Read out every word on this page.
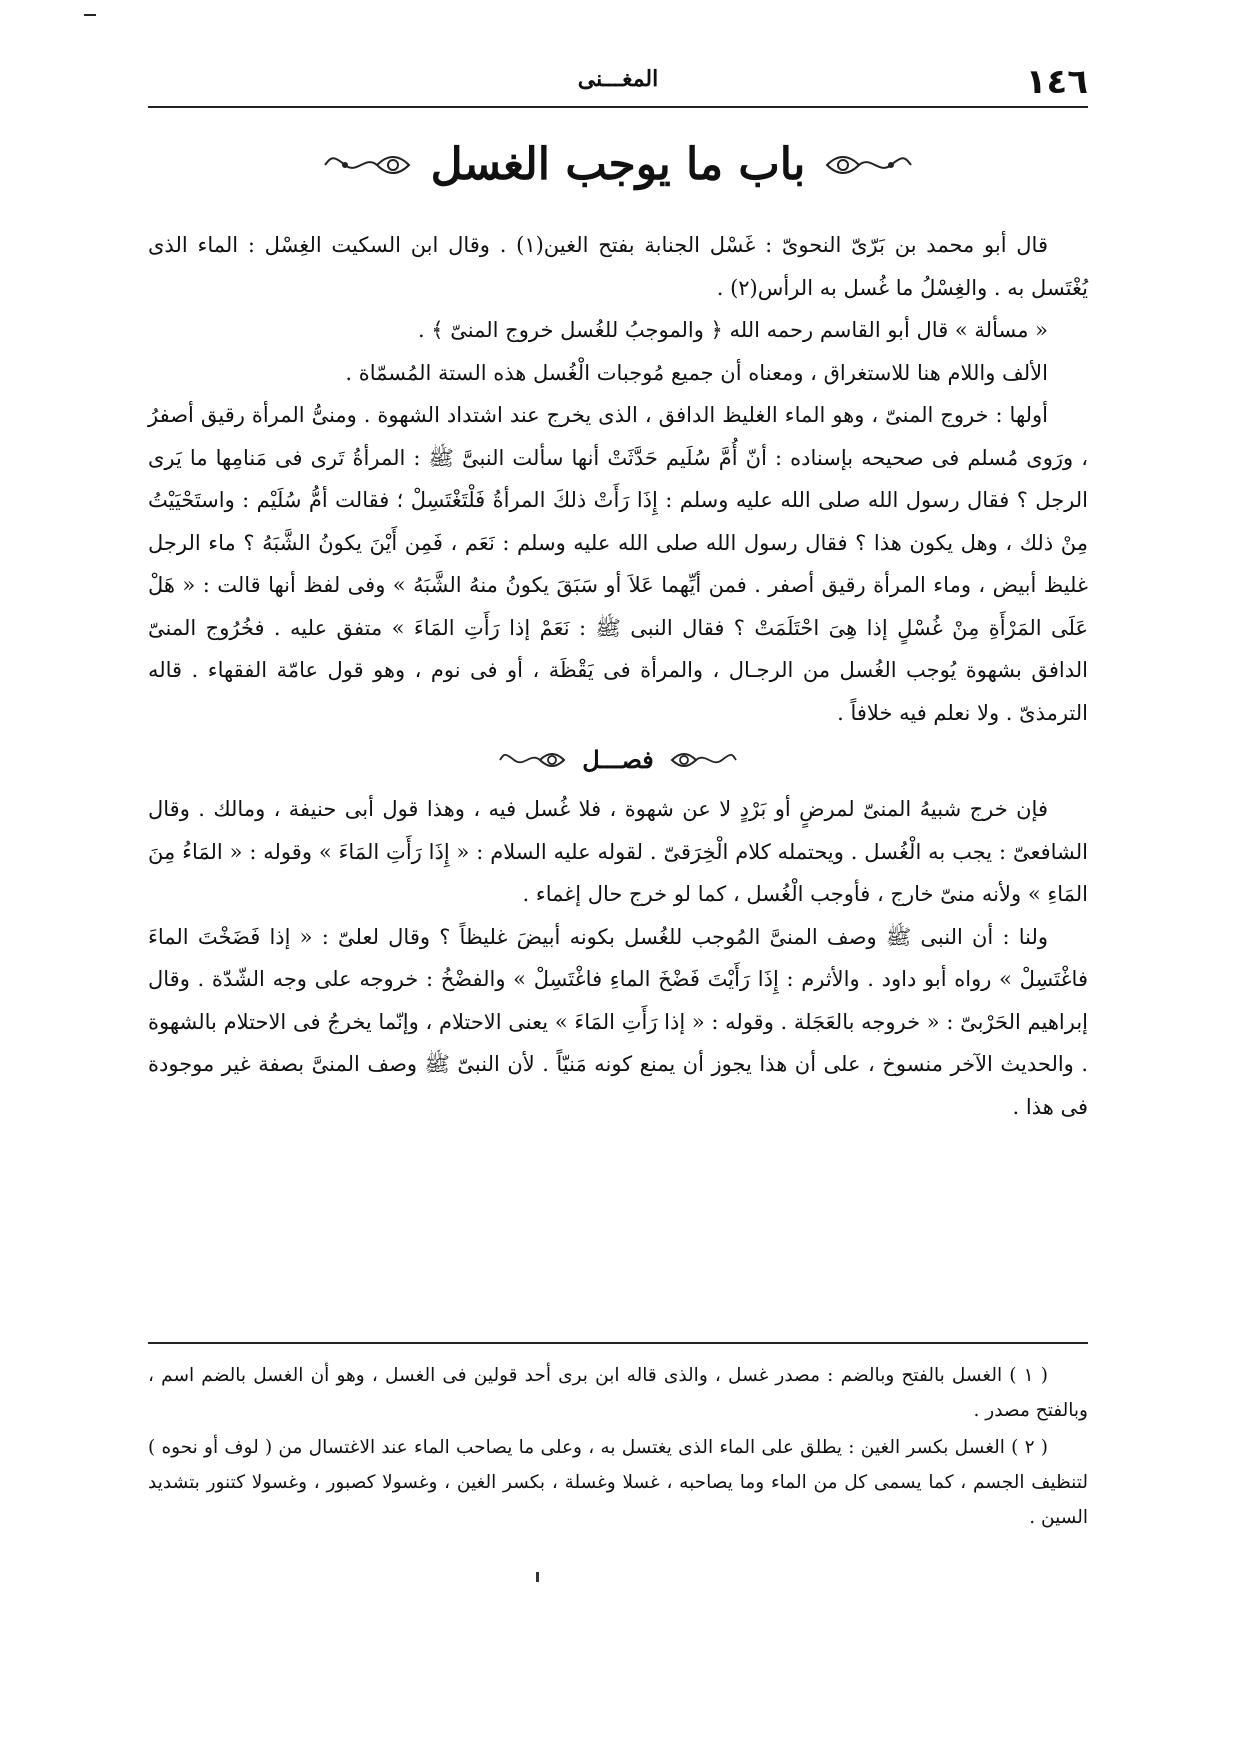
١٤٦
المغـــنى
باب ما يوجب الغسل

قال أبو محمد بن بَرّىّ النحوىّ : غَسْل الجنابة بفتح الغين(١) . وقال ابن السكيت الغِسْل : الماء الذى يُغْتَسل به . والغِسْلُ ما غُسل به الرأس(٢) .

« مسألة » قال أبو القاسم رحمه الله ﴿ والموجبُ للغُسل خروج المنىّ ﴾ .

الألف واللام هنا للاستغراق ، ومعناه أن جميع مُوجبات الْغُسل هذه الستة المُسمّاة .

أولها : خروج المنىّ ، وهو الماء الغليظ الدافق ، الذى يخرج عند اشتداد الشهوة . ومنىُّ المرأة رقيق أصفرُ ، ورَوى مُسلم فى صحيحه بإسناده : أنّ أُمَّ سُلَيم حَدَّثَتْ أنها سألت النبىَّ ﷺ : المرأةُ تَرى فى مَنامِها ما يَرى الرجل ؟ فقال رسول الله صلى الله عليه وسلم : إِذَا رَأَتْ ذلكَ المرأةُ فَلْتَغْتَسِلْ ؛ فقالت أمُّ سُلَيْم : واستَحْيَيْتُ مِنْ ذلك ، وهل يكون هذا ؟ فقال رسول الله صلى الله عليه وسلم : نَعَم ، فَمِن أَيْنَ يكونُ الشَّبَهُ ؟ ماء الرجل غليظ أبيض ، وماء المرأة رقيق أصفر . فمن أيِّهما عَلاَ أو سَبَقَ يكونُ منهُ الشَّبَهُ » وفى لفظ أنها قالت : « هَلْ عَلَى المَرْأَةِ مِنْ غُسْلٍ إذا هِىَ احْتَلَمَتْ ؟ فقال النبى ﷺ : نَعَمْ إذا رَأَتِ المَاءَ » متفق عليه . فخُرُوج المنىّ الدافق بشهوة يُوجب الغُسل من الرجـال ، والمرأة فى يَقْظَة ، أو فى نوم ، وهو قول عامّة الفقهاء . قاله الترمذىّ . ولا نعلم فيه خلافاً .

فصـــل

فإن خرج شبيهُ المنىّ لمرضٍ أو بَرْدٍ لا عن شهوة ، فلا غُسل فيه ، وهذا قول أبى حنيفة ، ومالك . وقال الشافعىّ : يجب به الْغُسل . ويحتمله كلام الْخِرَقىّ . لقوله عليه السلام : « إِذَا رَأَتِ المَاءَ » وقوله : « المَاءُ مِنَ المَاءِ » ولأنه منىّ خارج ، فأوجب الْغُسل ، كما لو خرج حال إغماء .

ولنا : أن النبى ﷺ وصف المنىَّ المُوجب للغُسل بكونه أبيضَ غليظاً ؟ وقال لعلىّ : « إذا فَضَخْتَ الماءَ فاغْتَسِلْ » رواه أبو داود . والأثرم : إِذَا رَأَيْتَ فَضْخَ الماءِ فاغْتَسِلْ » والفضْخُ : خروجه على وجه الشّدّة . وقال إبراهيم الحَرْبىّ : « خروجه بالعَجَلة . وقوله : « إذا رَأَتِ المَاءَ » يعنى الاحتلام ، وإنّما يخرجُ فى الاحتلام بالشهوة . والحديث الآخر منسوخ ، على أن هذا يجوز أن يمنع كونه مَنيّاً . لأن النبىّ ﷺ وصف المنىَّ بصفة غير موجودة فى هذا .

( ١ ) الغسل بالفتح وبالضم : مصدر غسل ، والذى قاله ابن برى أحد قولين فى الغسل ، وهو أن الغسل بالضم اسم ، وبالفتح مصدر .

( ٢ ) الغسل بكسر الغين : يطلق على الماء الذى يغتسل به ، وعلى ما يصاحب الماء عند الاغتسال من ( لوف أو نحوه ) لتنظيف الجسم ، كما يسمى كل من الماء وما يصاحبه ، غسلا وغسلة ، بكسر الغين ، وغسولا كصبور ، وغسولا كتنور بتشديد السين .
